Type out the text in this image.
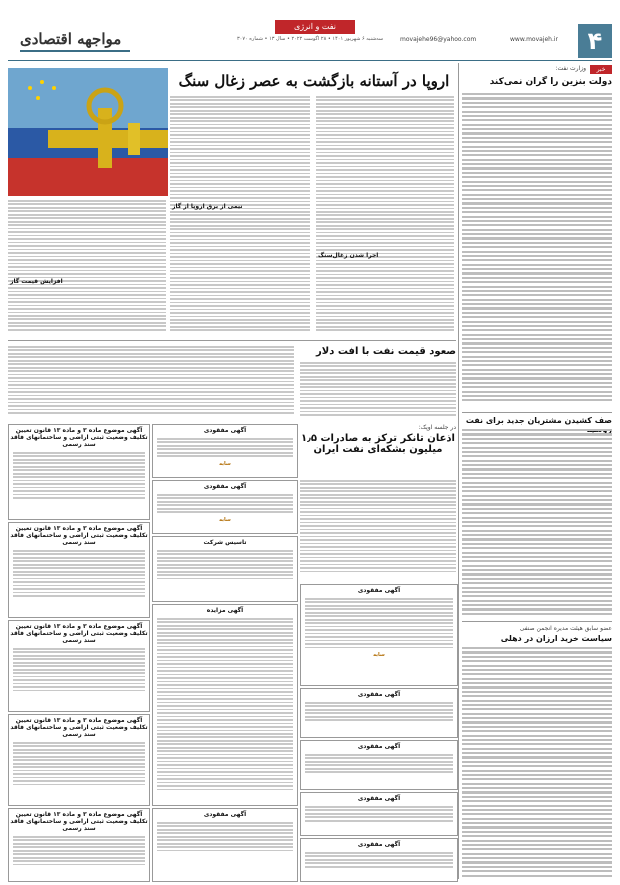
۴
نفت و انرژی
سه‌شنبه ۶ شهریور ۱۴۰۱ • ۲۸ اگوست ۲۰۲۲ • سال ۱۳ • شماره ۳۰۷۰	www.movajeh.ir
movajehe96@yahoo.com
مواجهه اقتصادی
خبر
وزارت نفت:
دولت بنزین را گران نمی‌کند
صف کشیدن مشتریان جدید برای نفت
عضو سابق هیئت مدیره انجمن صنفی
سیاست خرید ارزان در دهلی
اروپا در آستانه بازگشت به عصر زغال سنگ
اجرا شدن زغال‌سنگ
نیمی از برق اروپا از گاز
افزایش قیمت گاز
صعود قیمت نفت با افت دلار
در جلسه اوپک:
اذعان تانکر ترکز به صادرات ۱٫۵ میلیون بشکه‌ای نفت ایران
آگهی موضوع ماده ۳ و ماده ۱۳ قانون تعیین تکلیف وضعیت ثبتی اراضی و ساختمانهای فاقد سند رسمی
آگهی موضوع ماده ۳ و ماده ۱۳ قانون تعیین تکلیف وضعیت ثبتی اراضی و ساختمانهای فاقد سند رسمی
آگهی موضوع ماده ۳ و ماده ۱۳ قانون تعیین تکلیف وضعیت ثبتی اراضی و ساختمانهای فاقد سند رسمی
آگهی موضوع ماده ۳ و ماده ۱۳ قانون تعیین تکلیف وضعیت ثبتی اراضی و ساختمانهای فاقد سند رسمی
آگهی موضوع ماده ۳ و ماده ۱۳ قانون تعیین تکلیف وضعیت ثبتی اراضی و ساختمانهای فاقد سند رسمی
آگهی مفقودی
سایه
آگهی مفقودی
سایه
تاسیس شرکت
آگهی مزایده
آگهی مفقودی
آگهی مفقودی
سایه
آگهی مفقودی
آگهی مفقودی
آگهی مفقودی
آگهی مفقودی
